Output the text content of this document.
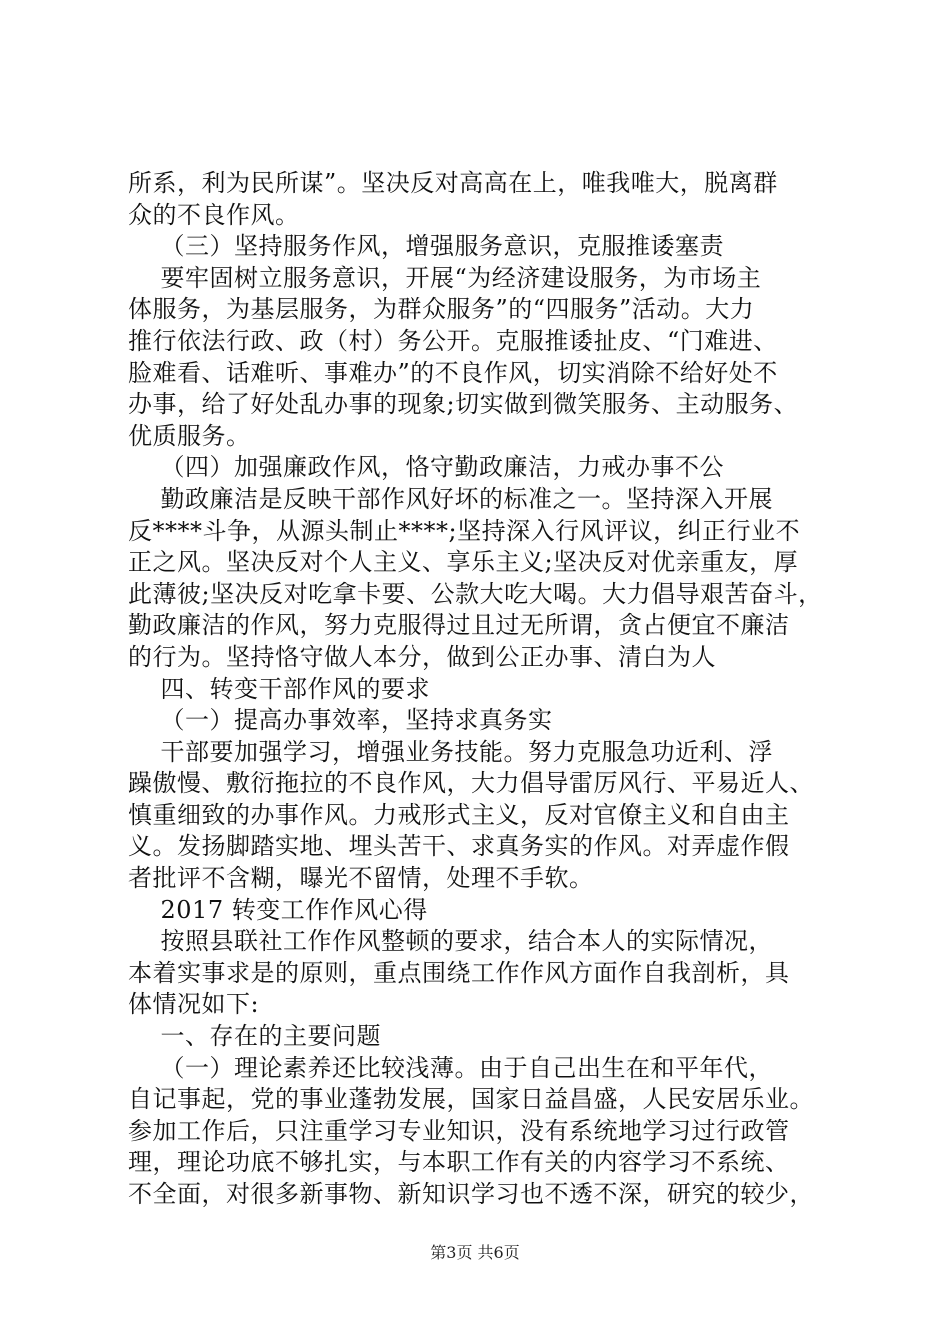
所系，利为民所谋”。坚决反对高高在上，唯我唯大，脱离群
众的不良作风。
（三）坚持服务作风，增强服务意识，克服推诿塞责
要牢固树立服务意识，开展“为经济建设服务，为市场主
体服务，为基层服务，为群众服务”的“四服务”活动。大力
推行依法行政、政（村）务公开。克服推诿扯皮、“门难进、
脸难看、话难听、事难办”的不良作风，切实消除不给好处不
办事，给了好处乱办事的现象;切实做到微笑服务、主动服务、
优质服务。
（四）加强廉政作风，恪守勤政廉洁，力戒办事不公
勤政廉洁是反映干部作风好坏的标准之一。坚持深入开展
反****斗争，从源头制止****;坚持深入行风评议，纠正行业不
正之风。坚决反对个人主义、享乐主义;坚决反对优亲重友，厚
此薄彼;坚决反对吃拿卡要、公款大吃大喝。大力倡导艰苦奋斗，
勤政廉洁的作风，努力克服得过且过无所谓，贪占便宜不廉洁
的行为。坚持恪守做人本分，做到公正办事、清白为人
四、转变干部作风的要求
（一）提高办事效率，坚持求真务实
干部要加强学习，增强业务技能。努力克服急功近利、浮
躁傲慢、敷衍拖拉的不良作风，大力倡导雷厉风行、平易近人、
慎重细致的办事作风。力戒形式主义，反对官僚主义和自由主
义。发扬脚踏实地、埋头苦干、求真务实的作风。对弄虚作假
者批评不含糊，曝光不留情，处理不手软。
2017 转变工作作风心得
按照县联社工作作风整顿的要求，结合本人的实际情况，
本着实事求是的原则，重点围绕工作作风方面作自我剖析，具
体情况如下:
一、存在的主要问题
（一）理论素养还比较浅薄。由于自己出生在和平年代，
自记事起，党的事业蓬勃发展，国家日益昌盛，人民安居乐业。
参加工作后，只注重学习专业知识，没有系统地学习过行政管
理，理论功底不够扎实，与本职工作有关的内容学习不系统、
不全面，对很多新事物、新知识学习也不透不深，研究的较少，
第3页 共6页
